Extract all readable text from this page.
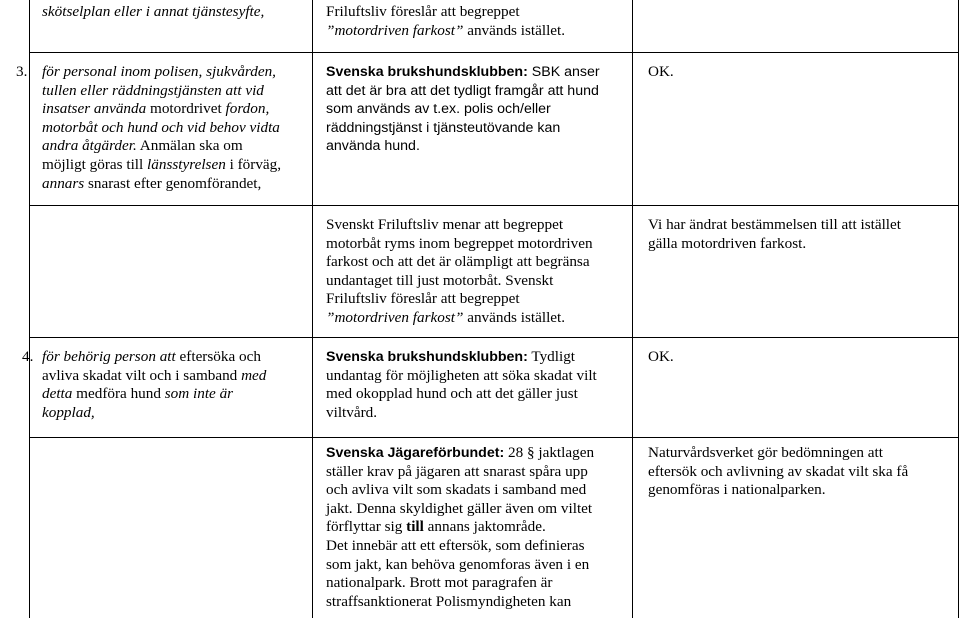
skötselplan eller i annat tjänstesyfte,	Friluftsliv föreslår att begreppet

”motordriven farkost” används istället.

3. för personal inom polisen, sjukvården,

tullen eller räddningstjänsten att vid

insatser använda motordrivet fordon,

motorbåt och hund och vid behov vidta

andra åtgärder. Anmälan ska om

möjligt göras till länsstyrelsen i förväg,

annars snarast efter genomförandet,

Svenska brukshundsklubben: SBK anser

att det är bra att det tydligt framgår att hund

som används av t.ex. polis och/eller

räddningstjänst i tjänsteutövande kan

använda hund.

OK.

Svenskt Friluftsliv menar att begreppet

motorbåt ryms inom begreppet motordriven

farkost och att det är olämpligt att begränsa

undantaget till just motorbåt. Svenskt

Friluftsliv föreslår att begreppet

”motordriven farkost” används istället.

Vi har ändrat bestämmelsen till att istället

gälla motordriven farkost.

4. för behörig person att eftersöka och

avliva skadat vilt och i samband med

detta medföra hund som inte är

kopplad,

Svenska brukshundsklubben: Tydligt

undantag för möjligheten att söka skadat vilt

med okopplad hund och att det gäller just

viltvård.

OK.

Svenska Jägareförbundet: 28 § jaktlagen

ställer krav på jägaren att snarast spåra upp

och avliva vilt som skadats i samband med

jakt. Denna skyldighet gäller även om viltet

förflyttar sig till annans jaktområde.

Det innebär att ett eftersök, som definieras

som jakt, kan behöva genomforas även i en

nationalpark. Brott mot paragrafen är

straffsanktionerat Polismyndigheten kan

Naturvårdsverket gör bedömningen att

eftersök och avlivning av skadat vilt ska få

genomföras i nationalparken.
